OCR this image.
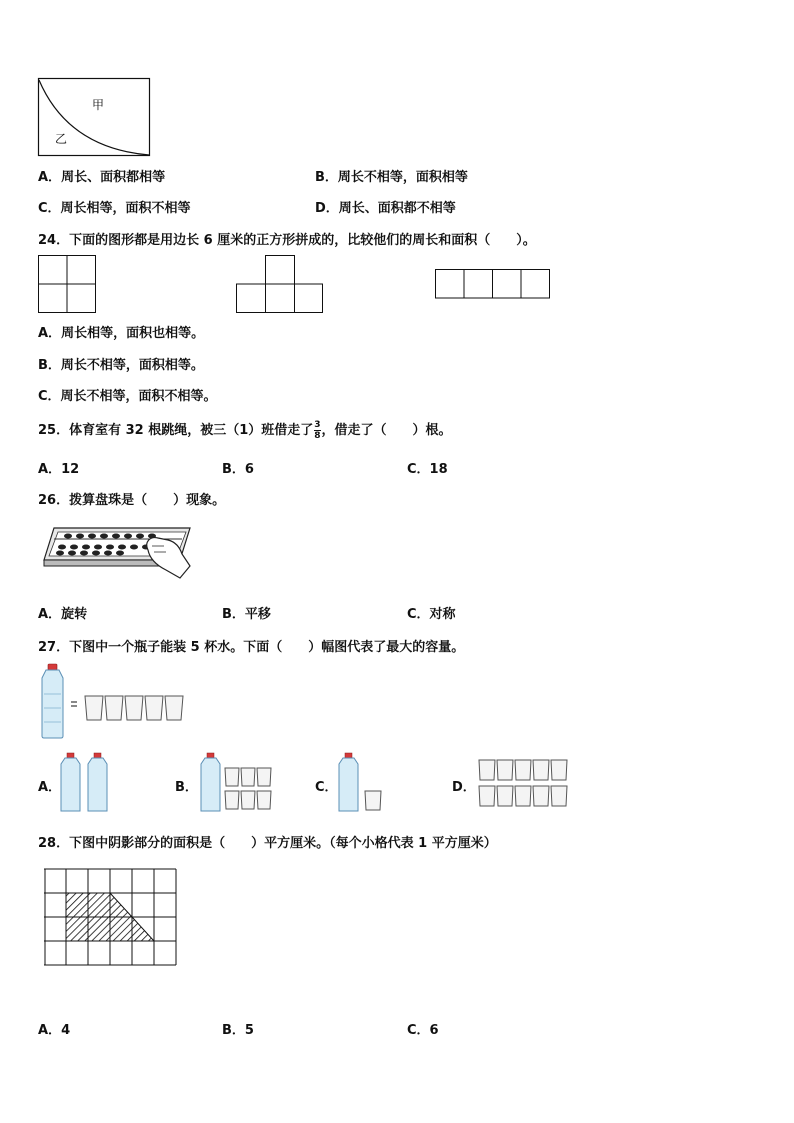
甲
乙
A．周长、面积都相等	B．周长不相等，面积相等
C．周长相等，面积不相等	D．周长、面积都不相等
24．下面的图形都是用边长 6 厘米的正方形拼成的，比较他们的周长和面积（　　）。
A．周长相等，面积也相等。
B．周长不相等，面积相等。
C．周长不相等，面积不相等。
25．体育室有 32 根跳绳，被三（1）班借走了 $\frac{3}{8}$ ，借走了（　　）根。
A．12	B．6	C．18
26．拨算盘珠是（　　）现象。
A．旋转	B．平移	C．对称
27．下图中一个瓶子能装 5 杯水。下面（　　）幅图代表了最大的容量。
A．	B．	C．	D．
28．下图中阴影部分的面积是（　　）平方厘米。（每个小格代表 1 平方厘米）
A．4	B．5	C．6
